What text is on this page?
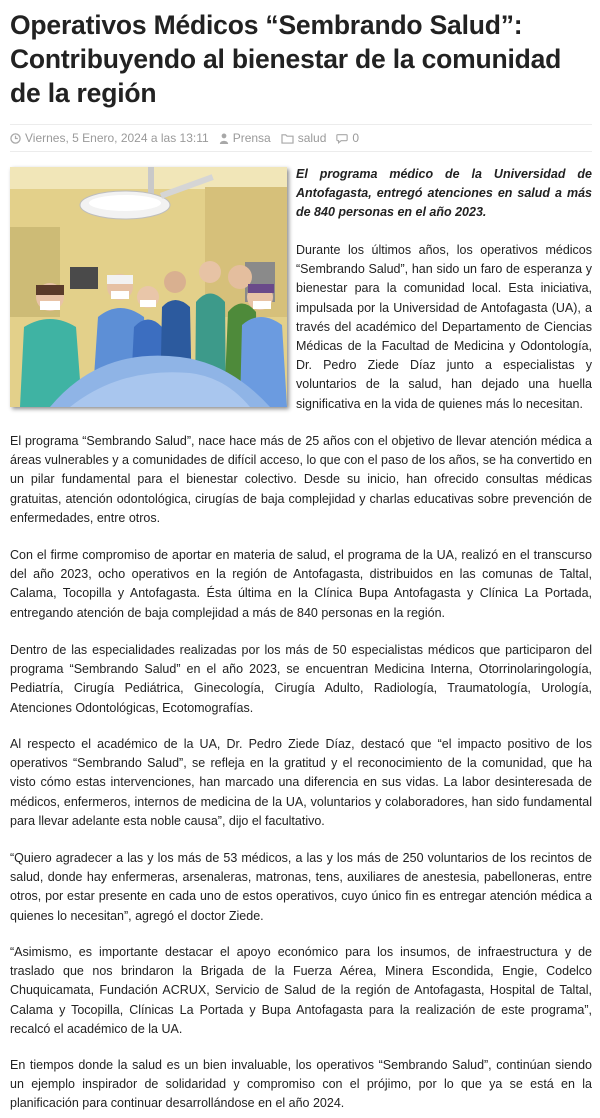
Operativos Médicos “Sembrando Salud”: Contribuyendo al bienestar de la comunidad de la región
Viernes, 5 Enero, 2024 a las 13:11 Prensa salud 0

El programa médico de la Universidad de Antofagasta, entregó atenciones en salud a más de 840 personas en el año 2023.

Durante los últimos años, los operativos médicos “Sembrando Salud”, han sido un faro de esperanza y bienestar para la comunidad local. Esta iniciativa, impulsada por la Universidad de Antofagasta (UA), a través del académico del Departamento de Ciencias Médicas de la Facultad de Medicina y Odontología, Dr. Pedro Ziede Díaz junto a especialistas y voluntarios de la salud, han dejado una huella significativa en la vida de quienes más lo necesitan.

El programa “Sembrando Salud”, nace hace más de 25 años con el objetivo de llevar atención médica a áreas vulnerables y a comunidades de difícil acceso, lo que con el paso de los años, se ha convertido en un pilar fundamental para el bienestar colectivo. Desde su inicio, han ofrecido consultas médicas gratuitas, atención odontológica, cirugías de baja complejidad y charlas educativas sobre prevención de enfermedades, entre otros.

Con el firme compromiso de aportar en materia de salud, el programa de la UA, realizó en el transcurso del año 2023, ocho operativos en la región de Antofagasta, distribuidos en las comunas de Taltal, Calama, Tocopilla y Antofagasta. Ésta última en la Clínica Bupa Antofagasta y Clínica La Portada, entregando atención de baja complejidad a más de 840 personas en la región.

Dentro de las especialidades realizadas por los más de 50 especialistas médicos que participaron del programa “Sembrando Salud” en el año 2023, se encuentran Medicina Interna, Otorrinolaringología, Pediatría, Cirugía Pediátrica, Ginecología, Cirugía Adulto, Radiología, Traumatología, Urología, Atenciones Odontológicas, Ecotomografías.

Al respecto el académico de la UA, Dr. Pedro Ziede Díaz, destacó que “el impacto positivo de los operativos “Sembrando Salud”, se refleja en la gratitud y el reconocimiento de la comunidad, que ha visto cómo estas intervenciones, han marcado una diferencia en sus vidas. La labor desinteresada de médicos, enfermeros, internos de medicina de la UA, voluntarios y colaboradores, han sido fundamental para llevar adelante esta noble causa”, dijo el facultativo.

“Quiero agradecer a las y los más de 53 médicos, a las y los más de 250 voluntarios de los recintos de salud, donde hay enfermeras, arsenaleras, matronas, tens, auxiliares de anestesia, pabelloneras, entre otros, por estar presente en cada uno de estos operativos, cuyo único fin es entregar atención médica a quienes lo necesitan”, agregó el doctor Ziede.

“Asimismo, es importante destacar el apoyo económico para los insumos, de infraestructura y de traslado que nos brindaron la Brigada de la Fuerza Aérea, Minera Escondida, Engie, Codelco Chuquicamata, Fundación ACRUX, Servicio de Salud de la región de Antofagasta, Hospital de Taltal, Calama y Tocopilla, Clínicas La Portada y Bupa Antofagasta para la realización de este programa”, recalcó el académico de la UA.

En tiempos donde la salud es un bien invaluable, los operativos “Sembrando Salud”, continúan siendo un ejemplo inspirador de solidaridad y compromiso con el prójimo, por lo que ya se está en la planificación para continuar desarrollándose en el año 2024.
